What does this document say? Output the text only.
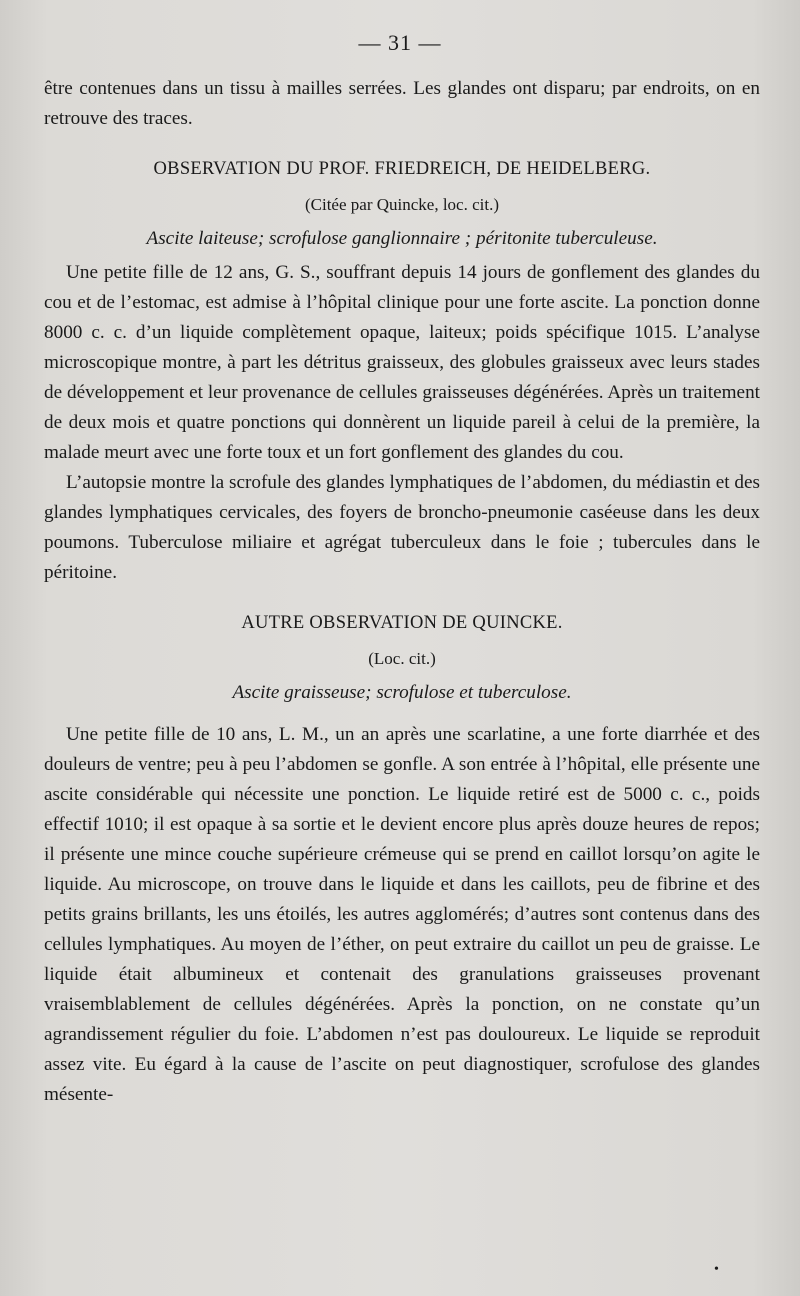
— 31 —

être contenues dans un tissu à mailles serrées. Les glandes ont disparu; par endroits, on en retrouve des traces.

OBSERVATION DU PROF. FRIEDREICH, DE HEIDELBERG.

(Citée par Quincke, loc. cit.)

Ascite laiteuse; scrofulose ganglionnaire ; péritonite tuberculeuse.

Une petite fille de 12 ans, G. S., souffrant depuis 14 jours de gonflement des glandes du cou et de l’estomac, est admise à l’hôpital clinique pour une forte ascite. La ponction donne 8000 c. c. d’un liquide complètement opaque, laiteux; poids spécifique 1015. L’analyse microscopique montre, à part les détritus graisseux, des globules graisseux avec leurs stades de développement et leur provenance de cellules graisseuses dégénérées. Après un traitement de deux mois et quatre ponctions qui donnèrent un liquide pareil à celui de la première, la malade meurt avec une forte toux et un fort gonflement des glandes du cou.

L’autopsie montre la scrofule des glandes lymphatiques de l’abdomen, du médiastin et des glandes lymphatiques cervicales, des foyers de broncho-pneumonie caséeuse dans les deux poumons. Tuberculose miliaire et agrégat tuberculeux dans le foie ; tubercules dans le péritoine.

AUTRE OBSERVATION DE QUINCKE.

(Loc. cit.)

Ascite graisseuse; scrofulose et tuberculose.

Une petite fille de 10 ans, L. M., un an après une scarlatine, a une forte diarrhée et des douleurs de ventre; peu à peu l’abdomen se gonfle. A son entrée à l’hôpital, elle présente une ascite considérable qui nécessite une ponction. Le liquide retiré est de 5000 c. c., poids effectif 1010; il est opaque à sa sortie et le devient encore plus après douze heures de repos; il présente une mince couche supérieure crémeuse qui se prend en caillot lorsqu’on agite le liquide. Au microscope, on trouve dans le liquide et dans les caillots, peu de fibrine et des petits grains brillants, les uns étoilés, les autres agglomérés; d’autres sont contenus dans des cellules lymphatiques. Au moyen de l’éther, on peut extraire du caillot un peu de graisse. Le liquide était albumineux et contenait des granulations graisseuses provenant vraisemblablement de cellules dégénérées. Après la ponction, on ne constate qu’un agrandissement régulier du foie. L’abdomen n’est pas douloureux. Le liquide se reproduit assez vite. Eu égard à la cause de l’ascite on peut diagnostiquer, scrofulose des glandes mésente-

•
